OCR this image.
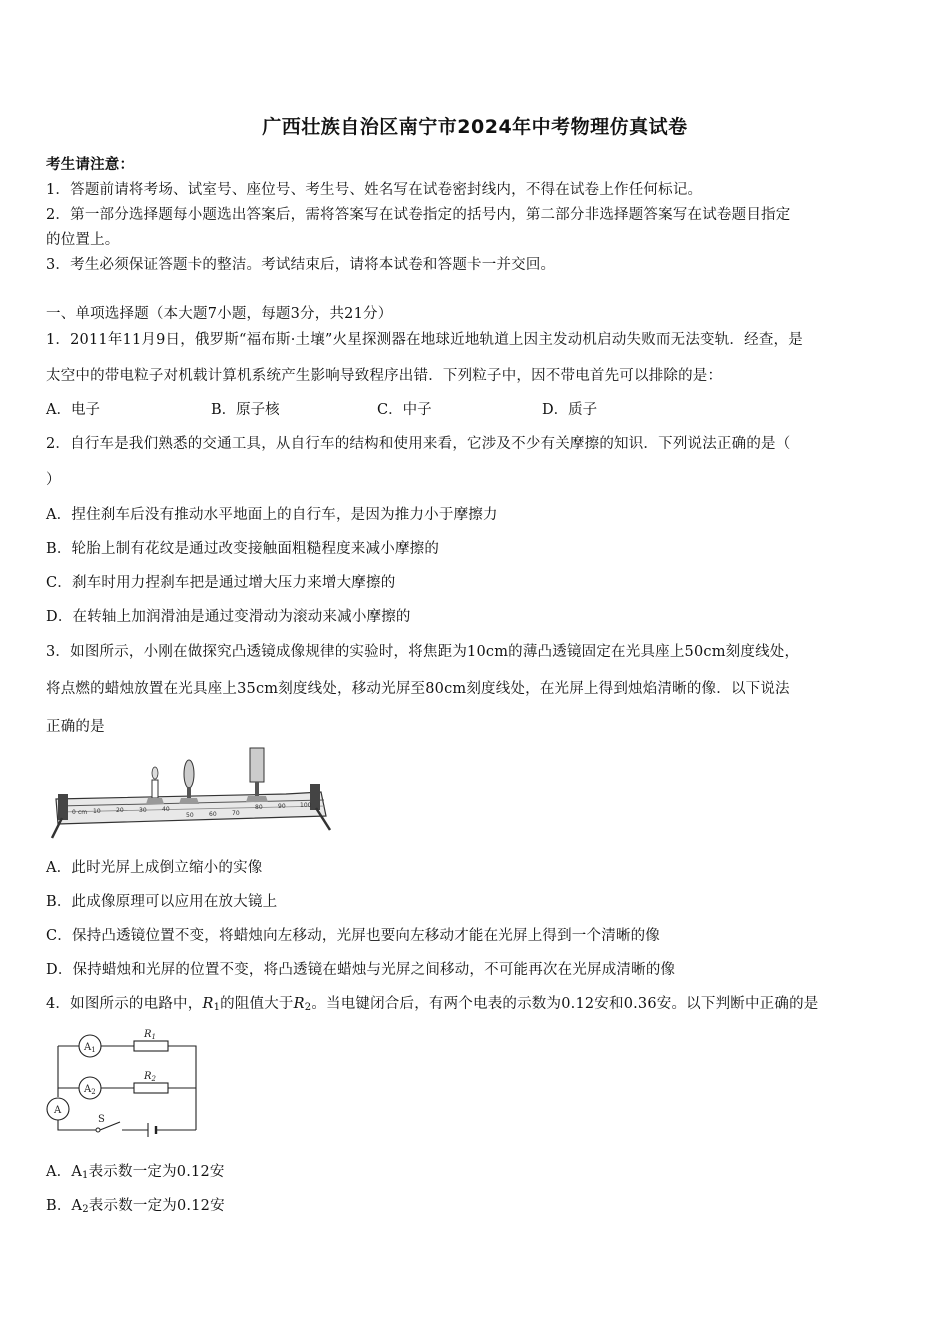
广西壮族自治区南宁市2024年中考物理仿真试卷
考生请注意：
1．答题前请将考场、试室号、座位号、考生号、姓名写在试卷密封线内，不得在试卷上作任何标记。
2．第一部分选择题每小题选出答案后，需将答案写在试卷指定的括号内，第二部分非选择题答案写在试卷题目指定
的位置上。
3．考生必须保证答题卡的整洁。考试结束后，请将本试卷和答题卡一并交回。
一、单项选择题（本大题7小题，每题3分，共21分）
1．2011年11月9日，俄罗斯“福布斯·土壤”火星探测器在地球近地轨道上因主发动机启动失败而无法变轨．经查，是
太空中的带电粒子对机载计算机系统产生影响导致程序出错．下列粒子中，因不带电首先可以排除的是：
A．电子	B．原子核	C．中子	D．质子
2．自行车是我们熟悉的交通工具，从自行车的结构和使用来看，它涉及不少有关摩擦的知识．下列说法正确的是（
）
A．捏住刹车后没有推动水平地面上的自行车，是因为推力小于摩擦力
B．轮胎上制有花纹是通过改变接触面粗糙程度来减小摩擦的
C．刹车时用力捏刹车把是通过增大压力来增大摩擦的
D．在转轴上加润滑油是通过变滑动为滚动来减小摩擦的
3．如图所示，小刚在做探究凸透镜成像规律的实验时，将焦距为10cm的薄凸透镜固定在光具座上50cm刻度线处，
将点燃的蜡烛放置在光具座上35cm刻度线处，移动光屏至80cm刻度线处，在光屏上得到烛焰清晰的像．以下说法
正确的是
0 cm 10	20	30	40
50	60	70
80	90 100
A．此时光屏上成倒立缩小的实像
B．此成像原理可以应用在放大镜上
C．保持凸透镜位置不变，将蜡烛向左移动，光屏也要向左移动才能在光屏上得到一个清晰的像
D．保持蜡烛和光屏的位置不变，将凸透镜在蜡烛与光屏之间移动，不可能再次在光屏成清晰的像
4．如图所示的电路中，$R_1$的阻值大于$R_2$。当电键闭合后，有两个电表的示数为0.12安和0.36安。以下判断中正确的是
$A_1$
$A_2$
A
$R_1$
$R_2$
S
A．$A_1$表示数一定为0.12安
B．$A_2$表示数一定为0.12安
